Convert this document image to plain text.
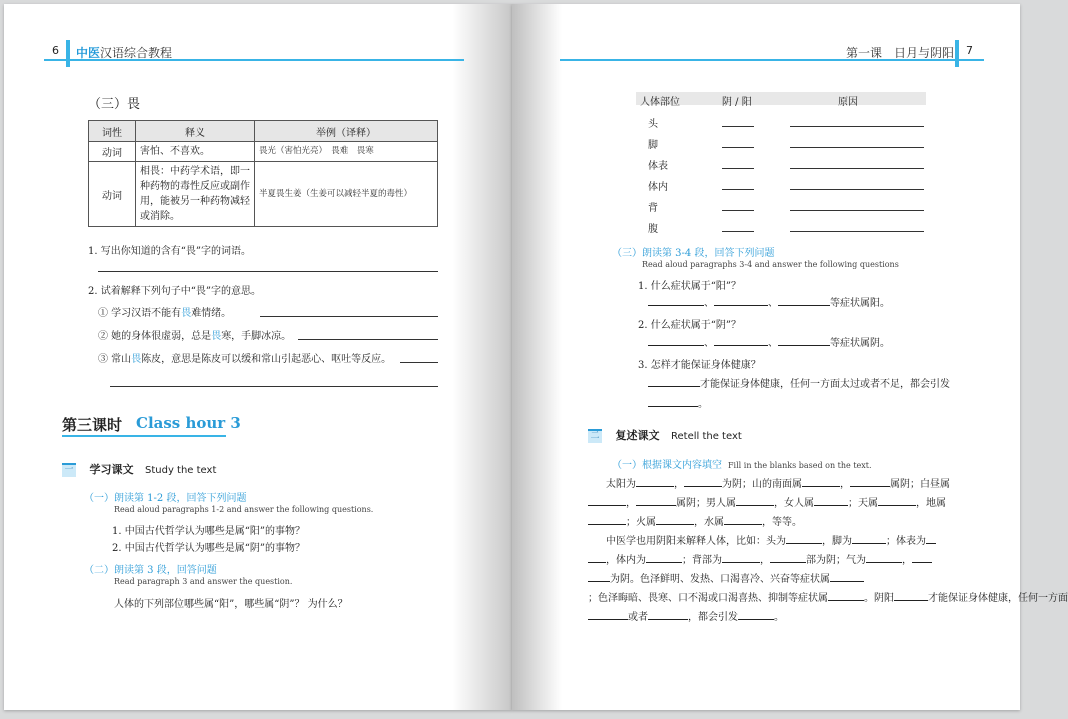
6 中医汉语综合教程
（三）畏
词性	释义	举例（译释）
动词	害怕、不喜欢。	畏光（害怕光亮）　畏难　畏寒
动词	相畏：中药学术语，即一种药物的毒性反应或副作用，能被另一种药物减轻或消除。	半夏畏生姜（生姜可以减轻半夏的毒性）
1. 写出你知道的含有“畏”字的词语。
2. 试着解释下列句子中“畏”字的意思。
① 学习汉语不能有畏难情绪。
② 她的身体很虚弱，总是畏寒，手脚冰凉。
③ 常山畏陈皮，意思是陈皮可以缓和常山引起恶心、呕吐等反应。
第三课时 Class hour 3
一 学习课文 Study the text
（一）朗读第 1-2 段，回答下列问题
Read aloud paragraphs 1-2 and answer the following questions.
1. 中国古代哲学认为哪些是属“阳”的事物？
2. 中国古代哲学认为哪些是属“阴”的事物？
（二）朗读第 3 段，回答问题
Read paragraph 3 and answer the question.
人体的下列部位哪些属“阳”，哪些属“阴”？ 为什么？
第一课　日月与阴阳 7
人体部位	阴 / 阳	原因
头
脚
体表
体内
背
腹
（三）朗读第 3-4 段，回答下列问题
Read aloud paragraphs 3-4 and answer the following questions
1. 什么症状属于“阳”？
、	、	等症状属阳。
2. 什么症状属于“阴”？
、	、	等症状属阴。
3. 怎样才能保证身体健康？
才能保证身体健康，任何一方面太过或者不足，都会引发
。
二 复述课文 Retell the text
（一）根据课文内容填空 Fill in the blanks based on the text.
太阳为	，	为阴；山的南面属	，	属阴；白昼属
，	属阴；男人属	，女人属	；天属	，地属
；火属	，水属	，等等。
中医学也用阴阳来解释人体，比如：头为	，脚为	；体表为
，体内为	；背部为	，	部为阴；气为	，
为阴。色泽鲜明、发热、口渴喜冷、兴奋等症状属
；色泽晦暗、畏寒、口不渴或口渴喜热、抑制等症状属	。阴阳	才能保证身体健康，任何一方面
或者	，都会引发	。
